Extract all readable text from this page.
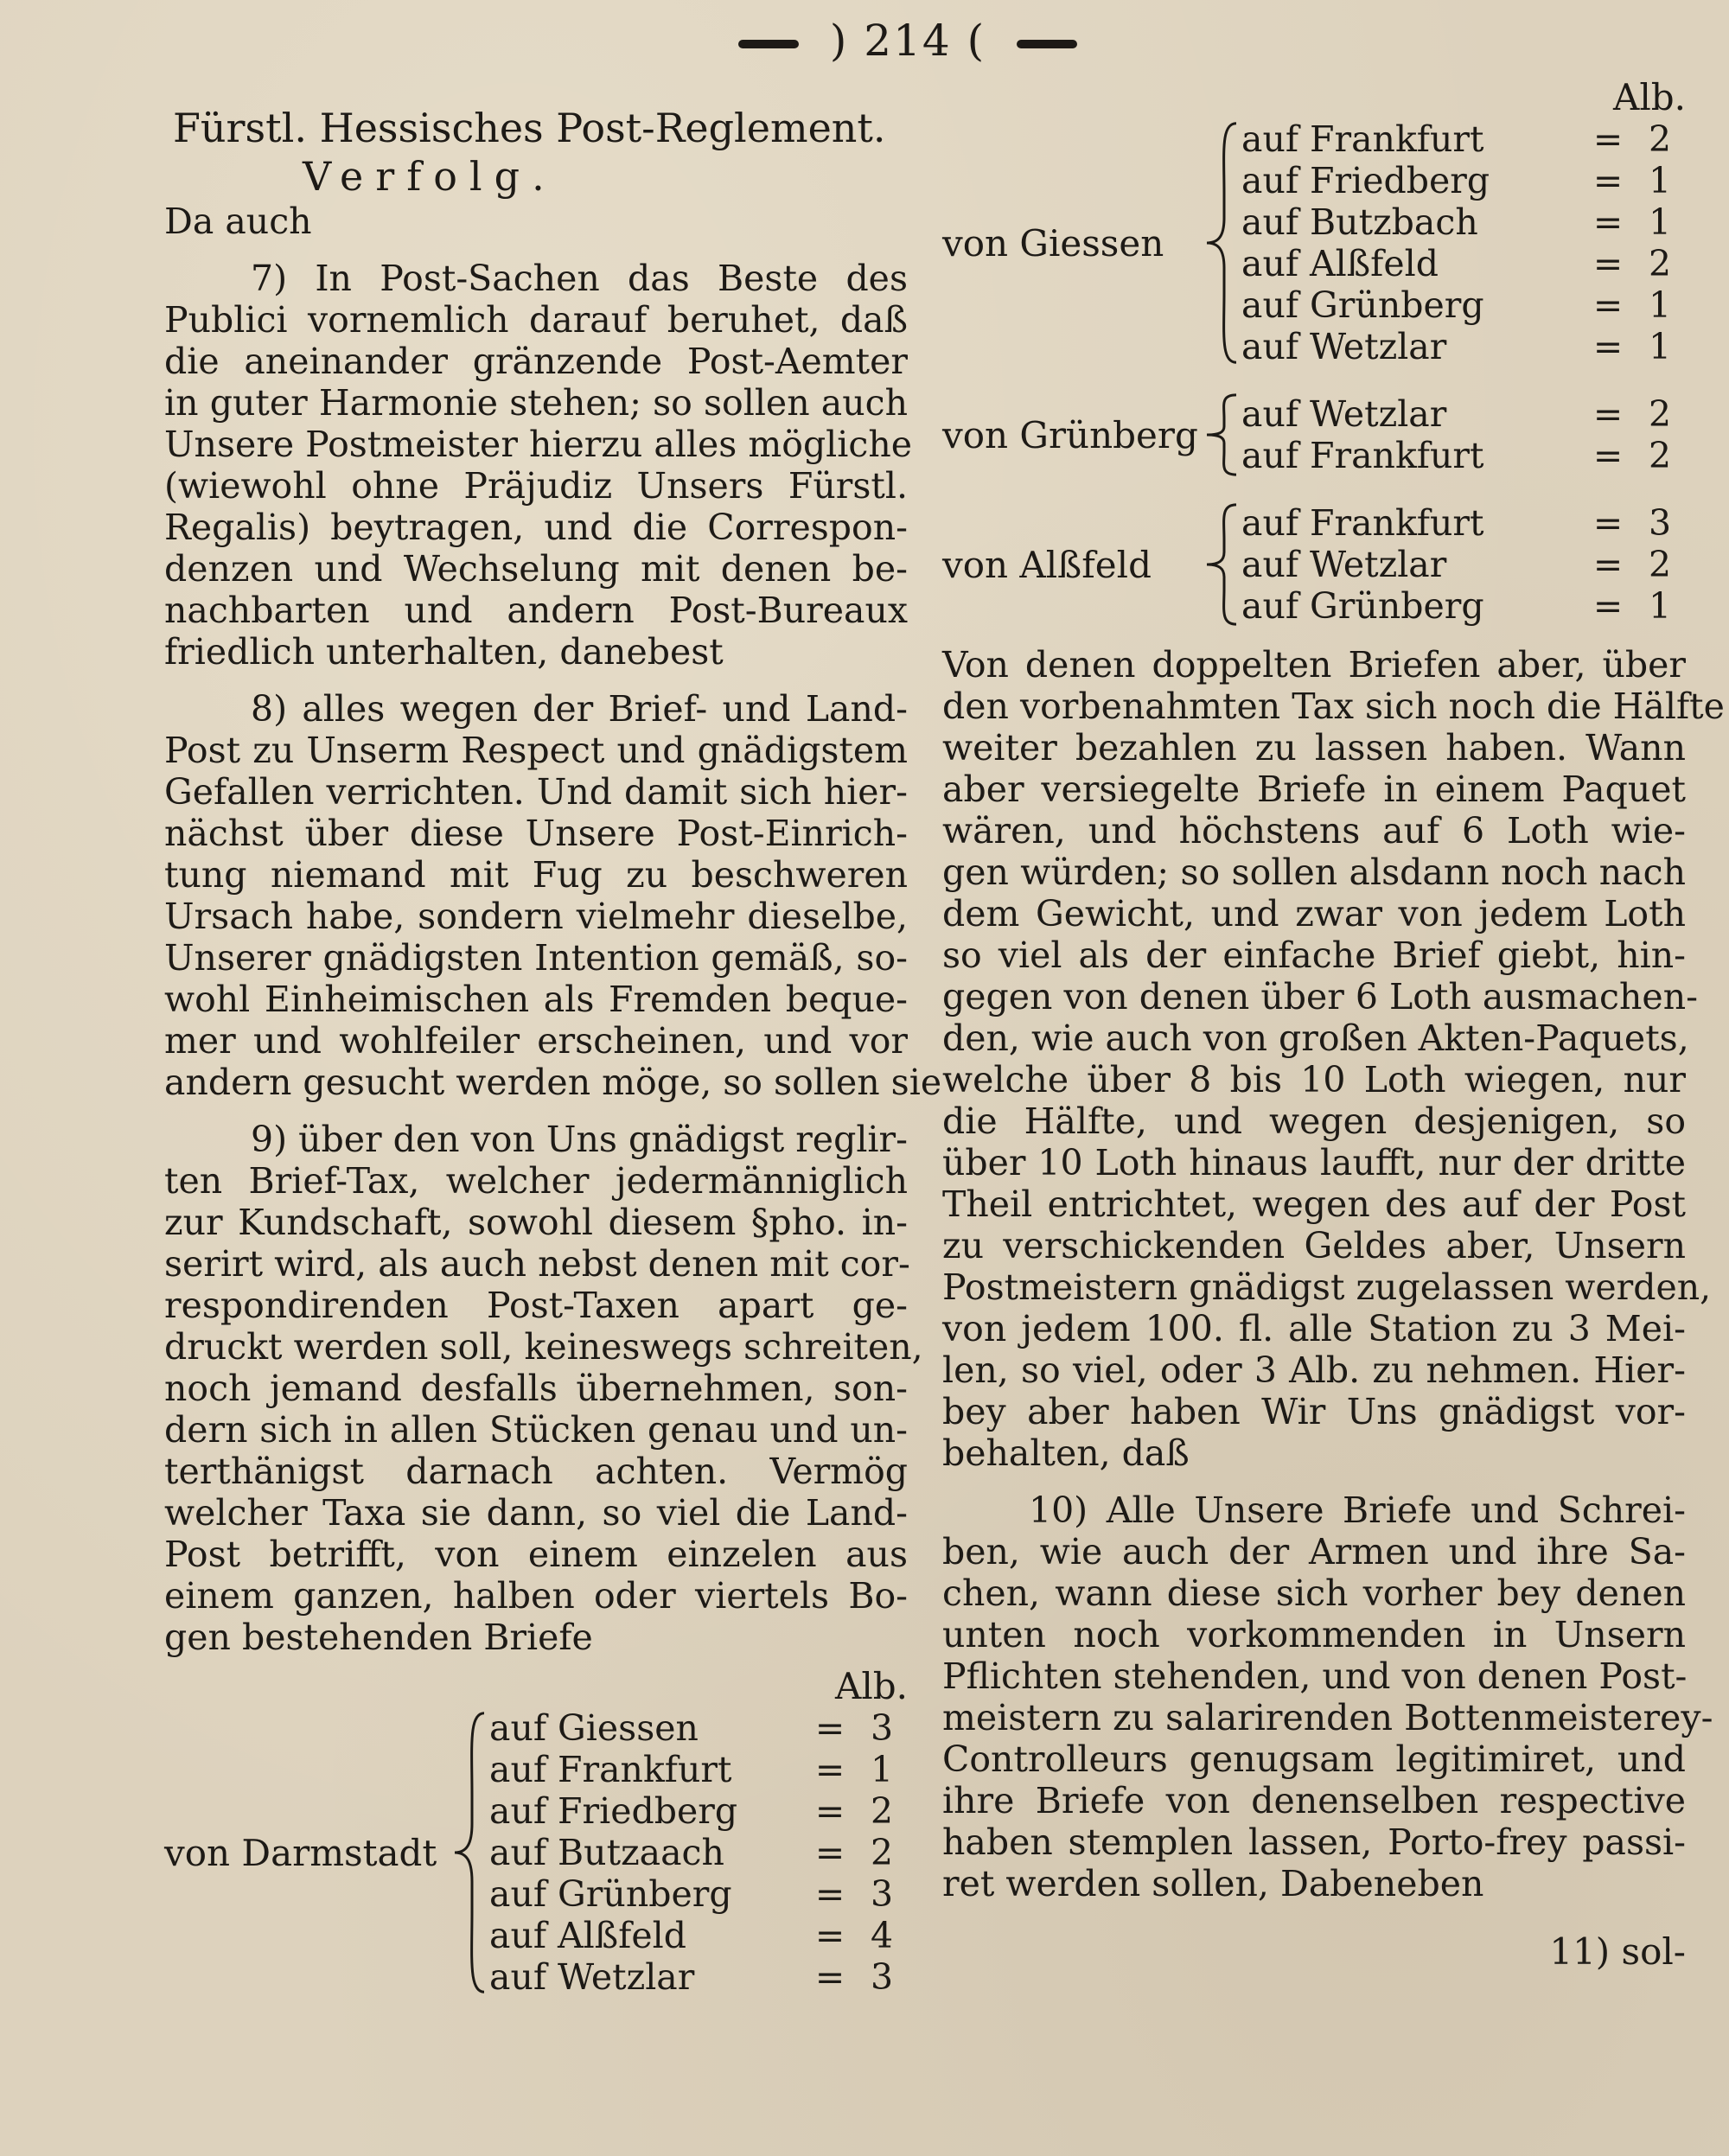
) 214 (
Fürstl. Hessisches Post-Reglement.
Verfolg.
Da auch
7) In Post-Sachen das Beste des
Publici vornemlich darauf beruhet, daß
die aneinander gränzende Post-Aemter
in guter Harmonie stehen; so sollen auch
Unsere Postmeister hierzu alles mögliche
(wiewohl ohne Präjudiz Unsers Fürstl.
Regalis) beytragen, und die Correspon-
denzen und Wechselung mit denen be-
nachbarten und andern Post-Bureaux
friedlich unterhalten, danebest
8) alles wegen der Brief- und Land-
Post zu Unserm Respect und gnädigstem
Gefallen verrichten. Und damit sich hier-
nächst über diese Unsere Post-Einrich-
tung niemand mit Fug zu beschweren
Ursach habe, sondern vielmehr dieselbe,
Unserer gnädigsten Intention gemäß, so-
wohl Einheimischen als Fremden beque-
mer und wohlfeiler erscheinen, und vor
andern gesucht werden möge, so sollen sie
9) über den von Uns gnädigst reglir-
ten Brief-Tax, welcher jedermänniglich
zur Kundschaft, sowohl diesem §pho. in-
serirt wird, als auch nebst denen mit cor-
respondirenden Post-Taxen apart ge-
druckt werden soll, keineswegs schreiten,
noch jemand desfalls übernehmen, son-
dern sich in allen Stücken genau und un-
terthänigst darnach achten. Vermög
welcher Taxa sie dann, so viel die Land-
Post betrifft, von einem einzelen aus
einem ganzen, halben oder viertels Bo-
gen bestehenden Briefe
Alb.
von Darmstadt
auf Giessen	= 3
auf Frankfurt	= 1
auf Friedberg	= 2
auf Butzaach	= 2
auf Grünberg	= 3
auf Alßfeld	= 4
auf Wetzlar	= 3
Alb.
von Giessen
auf Frankfurt	= 2
auf Friedberg	= 1
auf Butzbach	= 1
auf Alßfeld	= 2
auf Grünberg	= 1
auf Wetzlar	= 1
von Grünberg auf Wetzlar	= 2
auf Frankfurt	= 2
von Alßfeld
auf Frankfurt	= 3
auf Wetzlar	= 2
auf Grünberg	= 1
Von denen doppelten Briefen aber, über
den vorbenahmten Tax sich noch die Hälfte
weiter bezahlen zu lassen haben. Wann
aber versiegelte Briefe in einem Paquet
wären, und höchstens auf 6 Loth wie-
gen würden; so sollen alsdann noch nach
dem Gewicht, und zwar von jedem Loth
so viel als der einfache Brief giebt, hin-
gegen von denen über 6 Loth ausmachen-
den, wie auch von großen Akten-Paquets,
welche über 8 bis 10 Loth wiegen, nur
die Hälfte, und wegen desjenigen, so
über 10 Loth hinaus laufft, nur der dritte
Theil entrichtet, wegen des auf der Post
zu verschickenden Geldes aber, Unsern
Postmeistern gnädigst zugelassen werden,
von jedem 100. fl. alle Station zu 3 Mei-
len, so viel, oder 3 Alb. zu nehmen. Hier-
bey aber haben Wir Uns gnädigst vor-
behalten, daß
10) Alle Unsere Briefe und Schrei-
ben, wie auch der Armen und ihre Sa-
chen, wann diese sich vorher bey denen
unten noch vorkommenden in Unsern
Pflichten stehenden, und von denen Post-
meistern zu salarirenden Bottenmeisterey-
Controlleurs genugsam legitimiret, und
ihre Briefe von denenselben respective
haben stemplen lassen, Porto-frey passi-
ret werden sollen, Dabeneben
11) sol-
